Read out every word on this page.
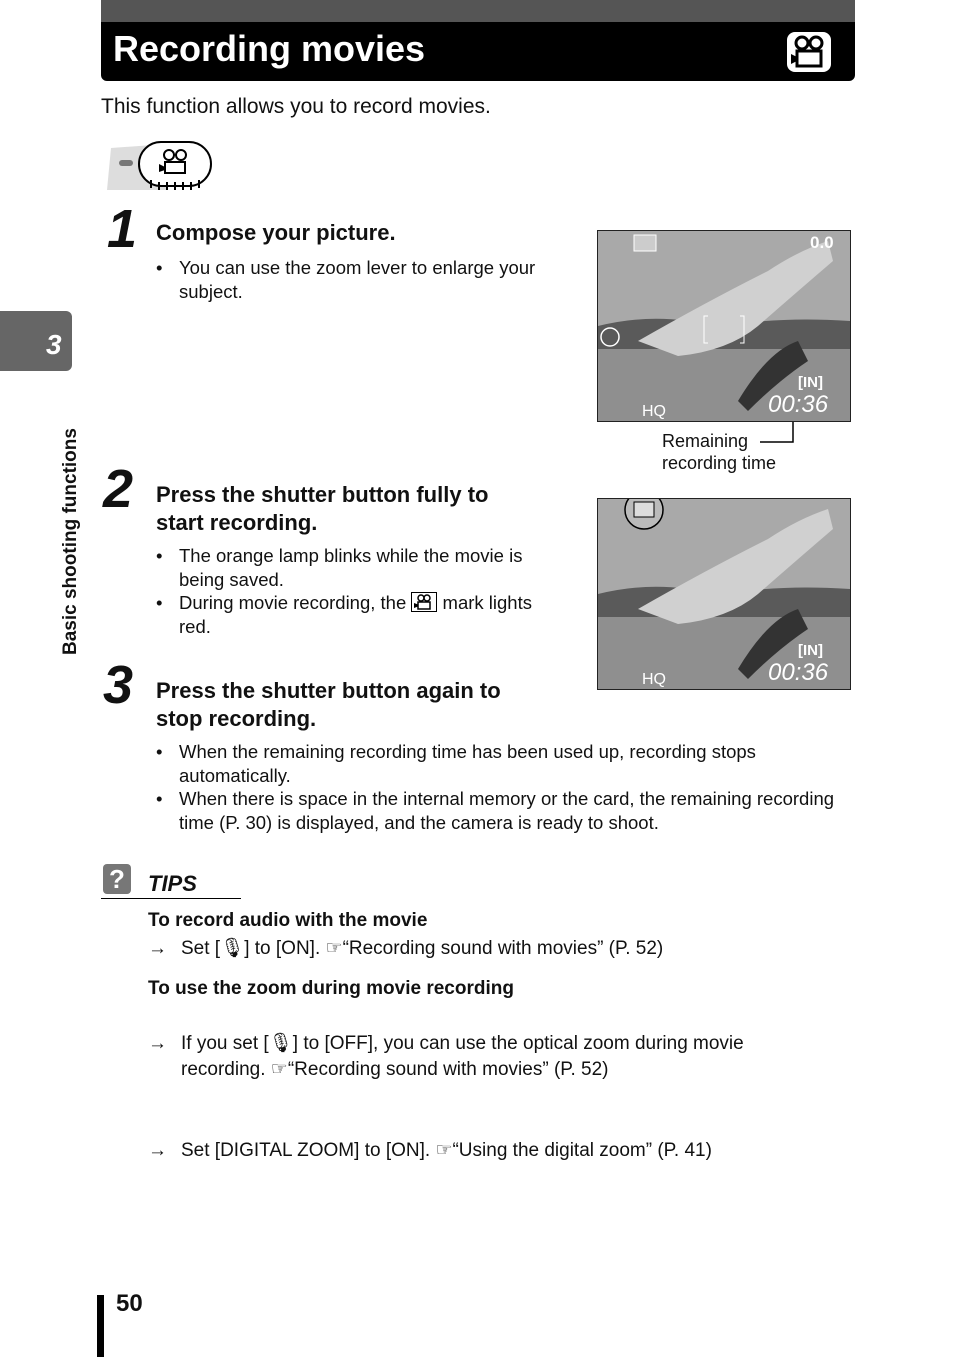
Recording movies
This function allows you to record movies.
3
Basic shooting functions
1 Compose your picture.
• You can use the zoom lever to enlarge your subject.
0.0
[IN]
HQ	00:36
Remaining
recording time
2 Press the shutter button fully to
start recording.
• The orange lamp blinks while the movie is being saved.
• During movie recording, the mark lights red.
[IN]
HQ	00:36
3 Press the shutter button again to
stop recording.
• When the remaining recording time has been used up, recording stops automatically.
• When there is space in the internal memory or the card, the remaining recording time (P. 30) is displayed, and the camera is ready to shoot.
? TIPS
To record audio with the movie
→ Set [🎙] to [ON]. ☞“Recording sound with movies” (P. 52)
To use the zoom during movie recording
→ If you set [🎙] to [OFF], you can use the optical zoom during movie
recording. ☞“Recording sound with movies” (P. 52)
→ Set [DIGITAL ZOOM] to [ON]. ☞“Using the digital zoom” (P. 41)
50
